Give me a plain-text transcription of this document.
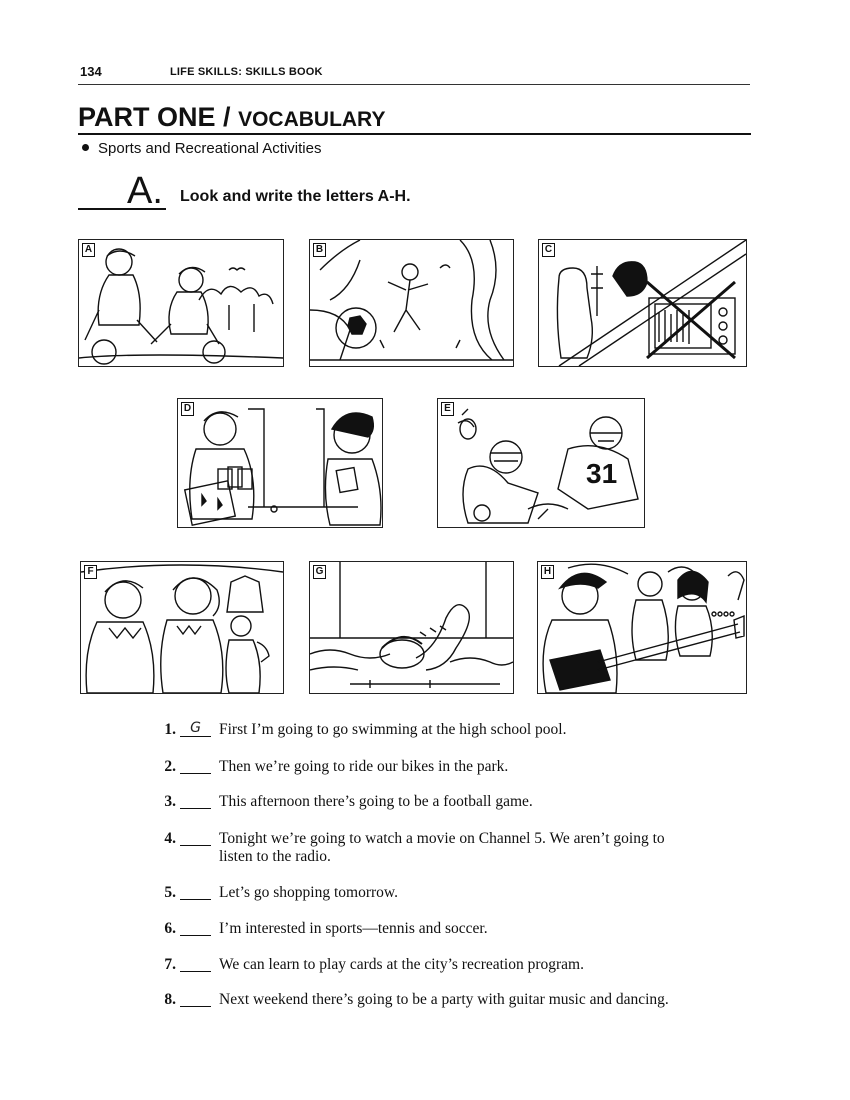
134	LIFE SKILLS: SKILLS BOOK
PART ONE / VOCABULARY
Sports and Recreational Activities
A. Look and write the letters A-H.
A	B	C
D	E
31
F	G	H
1.	G	First I’m going to go swimming at the high school pool.
2.	Then we’re going to ride our bikes in the park.
3.	This afternoon there’s going to be a football game.
4.	Tonight we’re going to watch a movie on Channel 5. We aren’t going to
listen to the radio.
5.	Let’s go shopping tomorrow.
6.	I’m interested in sports—tennis and soccer.
7.	We can learn to play cards at the city’s recreation program.
8.	Next weekend there’s going to be a party with guitar music and dancing.
